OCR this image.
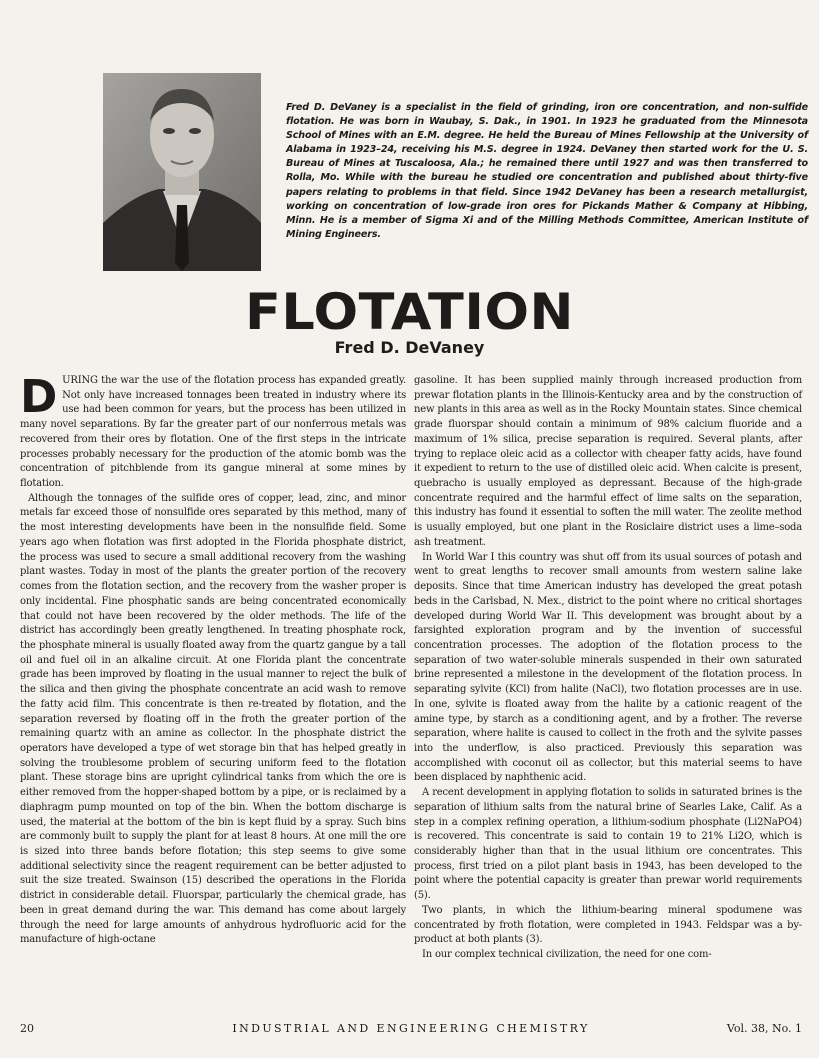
Fred D. DeVaney is a specialist in the field of grinding, iron ore concentration, and non-sulfide flotation. He was born in Waubay, S. Dak., in 1901. In 1923 he graduated from the Minnesota School of Mines with an E.M. degree. He held the Bureau of Mines Fellowship at the University of Alabama in 1923–24, receiving his M.S. degree in 1924. DeVaney then started work for the U. S. Bureau of Mines at Tuscaloosa, Ala.; he remained there until 1927 and was then transferred to Rolla, Mo. While with the bureau he studied ore concentration and published about thirty-five papers relating to problems in that field. Since 1942 DeVaney has been a research metallurgist, working on concentration of low-grade iron ores for Pickands Mather & Company at Hibbing, Minn. He is a member of Sigma Xi and of the Milling Methods Committee, American Institute of Mining Engineers.
FLOTATION
Fred D. DeVaney

DURING the war the use of the flotation process has expanded greatly. Not only have increased tonnages been treated in industry where its use had been common for years, but the process has been utilized in many novel separations. By far the greater part of our nonferrous metals was recovered from their ores by flotation. One of the first steps in the intricate processes probably necessary for the production of the atomic bomb was the concentration of pitchblende from its gangue mineral at some mines by flotation.

Although the tonnages of the sulfide ores of copper, lead, zinc, and minor metals far exceed those of nonsulfide ores separated by this method, many of the most interesting developments have been in the nonsulfide field. Some years ago when flotation was first adopted in the Florida phosphate district, the process was used to secure a small additional recovery from the washing plant wastes. Today in most of the plants the greater portion of the recovery comes from the flotation section, and the recovery from the washer proper is only incidental. Fine phosphatic sands are being concentrated economically that could not have been recovered by the older methods. The life of the district has accordingly been greatly lengthened. In treating phosphate rock, the phosphate mineral is usually floated away from the quartz gangue by a tall oil and fuel oil in an alkaline circuit. At one Florida plant the concentrate grade has been improved by floating in the usual manner to reject the bulk of the silica and then giving the phosphate concentrate an acid wash to remove the fatty acid film. This concentrate is then re-treated by flotation, and the separation reversed by floating off in the froth the greater portion of the remaining quartz with an amine as collector. In the phosphate district the operators have developed a type of wet storage bin that has helped greatly in solving the troublesome problem of securing uniform feed to the flotation plant. These storage bins are upright cylindrical tanks from which the ore is either removed from the hopper-shaped bottom by a pipe, or is reclaimed by a diaphragm pump mounted on top of the bin. When the bottom discharge is used, the material at the bottom of the bin is kept fluid by a spray. Such bins are commonly built to supply the plant for at least 8 hours. At one mill the ore is sized into three bands before flotation; this step seems to give some additional selectivity since the reagent requirement can be better adjusted to suit the size treated. Swainson (15) described the operations in the Florida district in considerable detail. Fluorspar, particularly the chemical grade, has been in great demand during the war. This demand has come about largely through the need for large amounts of anhydrous hydrofluoric acid for the manufacture of high-octane

gasoline. It has been supplied mainly through increased production from prewar flotation plants in the Illinois-Kentucky area and by the construction of new plants in this area as well as in the Rocky Mountain states. Since chemical grade fluorspar should contain a minimum of 98% calcium fluoride and a maximum of 1% silica, precise separation is required. Several plants, after trying to replace oleic acid as a collector with cheaper fatty acids, have found it expedient to return to the use of distilled oleic acid. When calcite is present, quebracho is usually employed as depressant. Because of the high-grade concentrate required and the harmful effect of lime salts on the separation, this industry has found it essential to soften the mill water. The zeolite method is usually employed, but one plant in the Rosiclaire district uses a lime–soda ash treatment.

In World War I this country was shut off from its usual sources of potash and went to great lengths to recover small amounts from western saline lake deposits. Since that time American industry has developed the great potash beds in the Carlsbad, N. Mex., district to the point where no critical shortages developed during World War II. This development was brought about by a farsighted exploration program and by the invention of successful concentration processes. The adoption of the flotation process to the separation of two water-soluble minerals suspended in their own saturated brine represented a milestone in the development of the flotation process. In separating sylvite (KCl) from halite (NaCl), two flotation processes are in use. In one, sylvite is floated away from the halite by a cationic reagent of the amine type, by starch as a conditioning agent, and by a frother. The reverse separation, where halite is caused to collect in the froth and the sylvite passes into the underflow, is also practiced. Previously this separation was accomplished with coconut oil as collector, but this material seems to have been displaced by naphthenic acid.

A recent development in applying flotation to solids in saturated brines is the separation of lithium salts from the natural brine of Searles Lake, Calif. As a step in a complex refining operation, a lithium-sodium phosphate (Li2NaPO4) is recovered. This concentrate is said to contain 19 to 21% Li2O, which is considerably higher than that in the usual lithium ore concentrates. This process, first tried on a pilot plant basis in 1943, has been developed to the point where the potential capacity is greater than prewar world requirements (5).

Two plants, in which the lithium-bearing mineral spodumene was concentrated by froth flotation, were completed in 1943. Feldspar was a by-product at both plants (3).

In our complex technical civilization, the need for one com-

INDUSTRIAL AND ENGINEERING CHEMISTRY
20	Vol. 38, No. 1
